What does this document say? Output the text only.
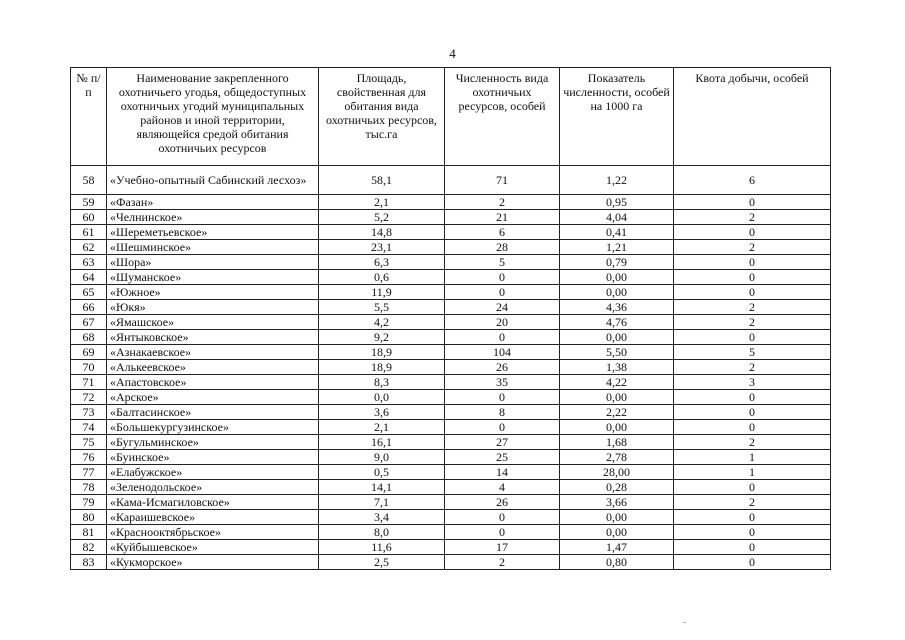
4
№ п/п	Наименование закрепленного охотничьего угодья, общедоступных охотничьих угодий муниципальных районов и иной территории, являющейся средой обитания охотничьих ресурсов	Площадь, свойственная для обитания вида охотничьих ресурсов, тыс.га	Численность вида охотничьих ресурсов, особей	Показатель численности, особей на 1000 га	Квота добычи, особей
58	«Учебно-опытный Сабинский лесхоз»	58,1	71	1,22	6
59	«Фазан»	2,1	2	0,95	0
60	«Челнинское»	5,2	21	4,04	2
61	«Шереметьевское»	14,8	6	0,41	0
62	«Шешминское»	23,1	28	1,21	2
63	«Шора»	6,3	5	0,79	0
64	«Шуманское»	0,6	0	0,00	0
65	«Южное»	11,9	0	0,00	0
66	«Юкя»	5,5	24	4,36	2
67	«Ямашское»	4,2	20	4,76	2
68	«Янтыковское»	9,2	0	0,00	0
69	«Азнакаевское»	18,9	104	5,50	5
70	«Алькеевское»	18,9	26	1,38	2
71	«Апастовское»	8,3	35	4,22	3
72	«Арское»	0,0	0	0,00	0
73	«Балтасинское»	3,6	8	2,22	0
74	«Большекургузинское»	2,1	0	0,00	0
75	«Бугульминское»	16,1	27	1,68	2
76	«Буинское»	9,0	25	2,78	1
77	«Елабужское»	0,5	14	28,00	1
78	«Зеленодольское»	14,1	4	0,28	0
79	«Кама-Исмагиловское»	7,1	26	3,66	2
80	«Караишевское»	3,4	0	0,00	0
81	«Краснооктябрьское»	8,0	0	0,00	0
82	«Куйбышевское»	11,6	17	1,47	0
83	«Кукморское»	2,5	2	0,80	0
